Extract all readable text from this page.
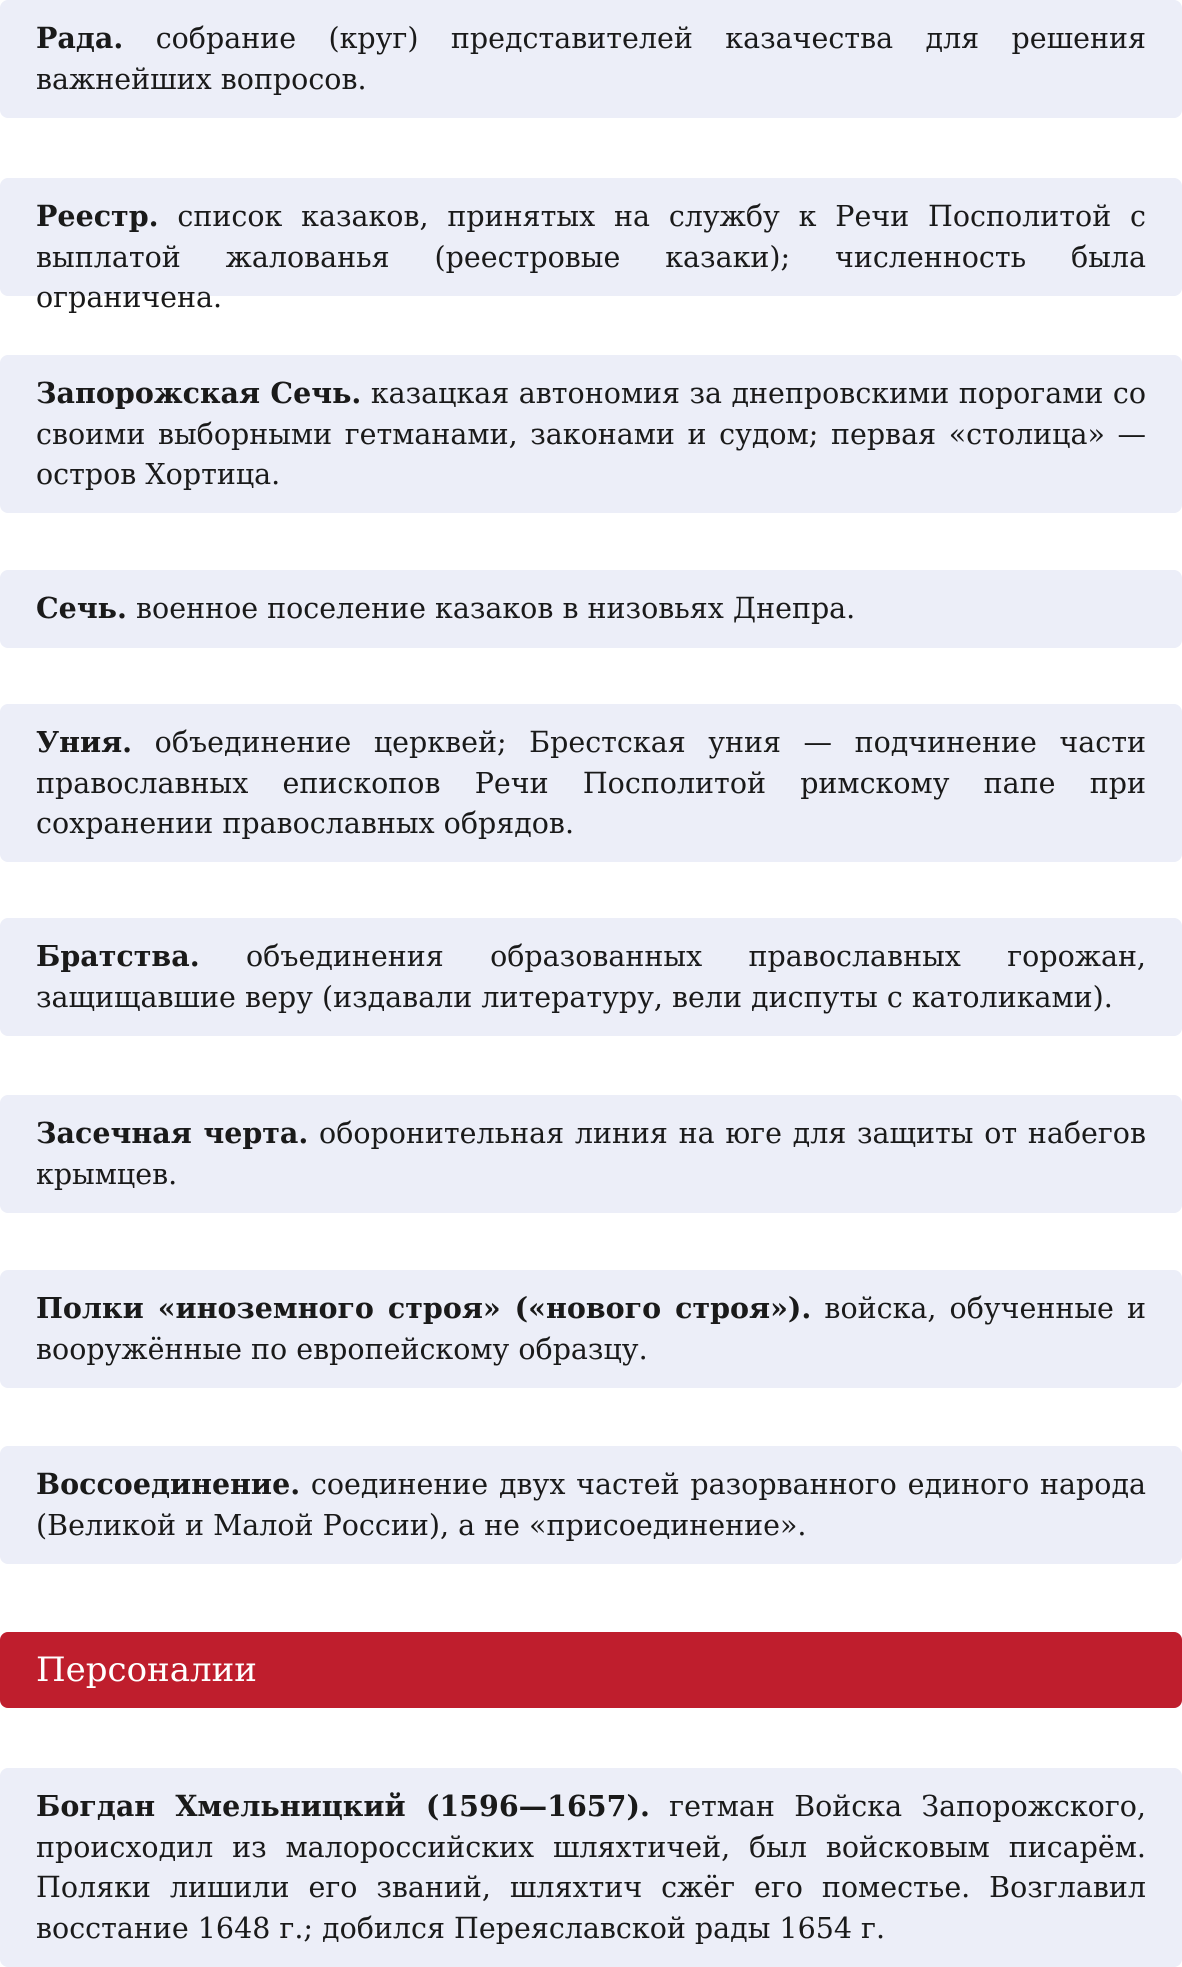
Рада. собрание (круг) представителей казачества для решения важнейших вопросов.
Реестр. список казаков, принятых на службу к Речи Посполитой с выплатой жалованья (реестровые казаки); численность была ограничена.
Запорожская Сечь. казацкая автономия за днепровскими порогами со своими выборными гетманами, законами и судом; первая «столица» — остров Хортица.
Сечь. военное поселение казаков в низовьях Днепра.
Уния. объединение церквей; Брестская уния — подчинение части православных епископов Речи Посполитой римскому папе при сохранении православных обрядов.
Братства. объединения образованных православных горожан, защищавшие веру (издавали литературу, вели диспуты с католиками).
Засечная черта. оборонительная линия на юге для защиты от набегов крымцев.
Полки «иноземного строя» («нового строя»). войска, обученные и вооружённые по европейскому образцу.
Воссоединение. соединение двух частей разорванного единого народа (Великой и Малой России), а не «присоединение».
Персоналии
Богдан Хмельницкий (1596—1657). гетман Войска Запорожского, происходил из малороссийских шляхтичей, был войсковым писарём. Поляки лишили его званий, шляхтич сжёг его поместье. Возглавил восстание 1648 г.; добился Переяславской рады 1654 г.
